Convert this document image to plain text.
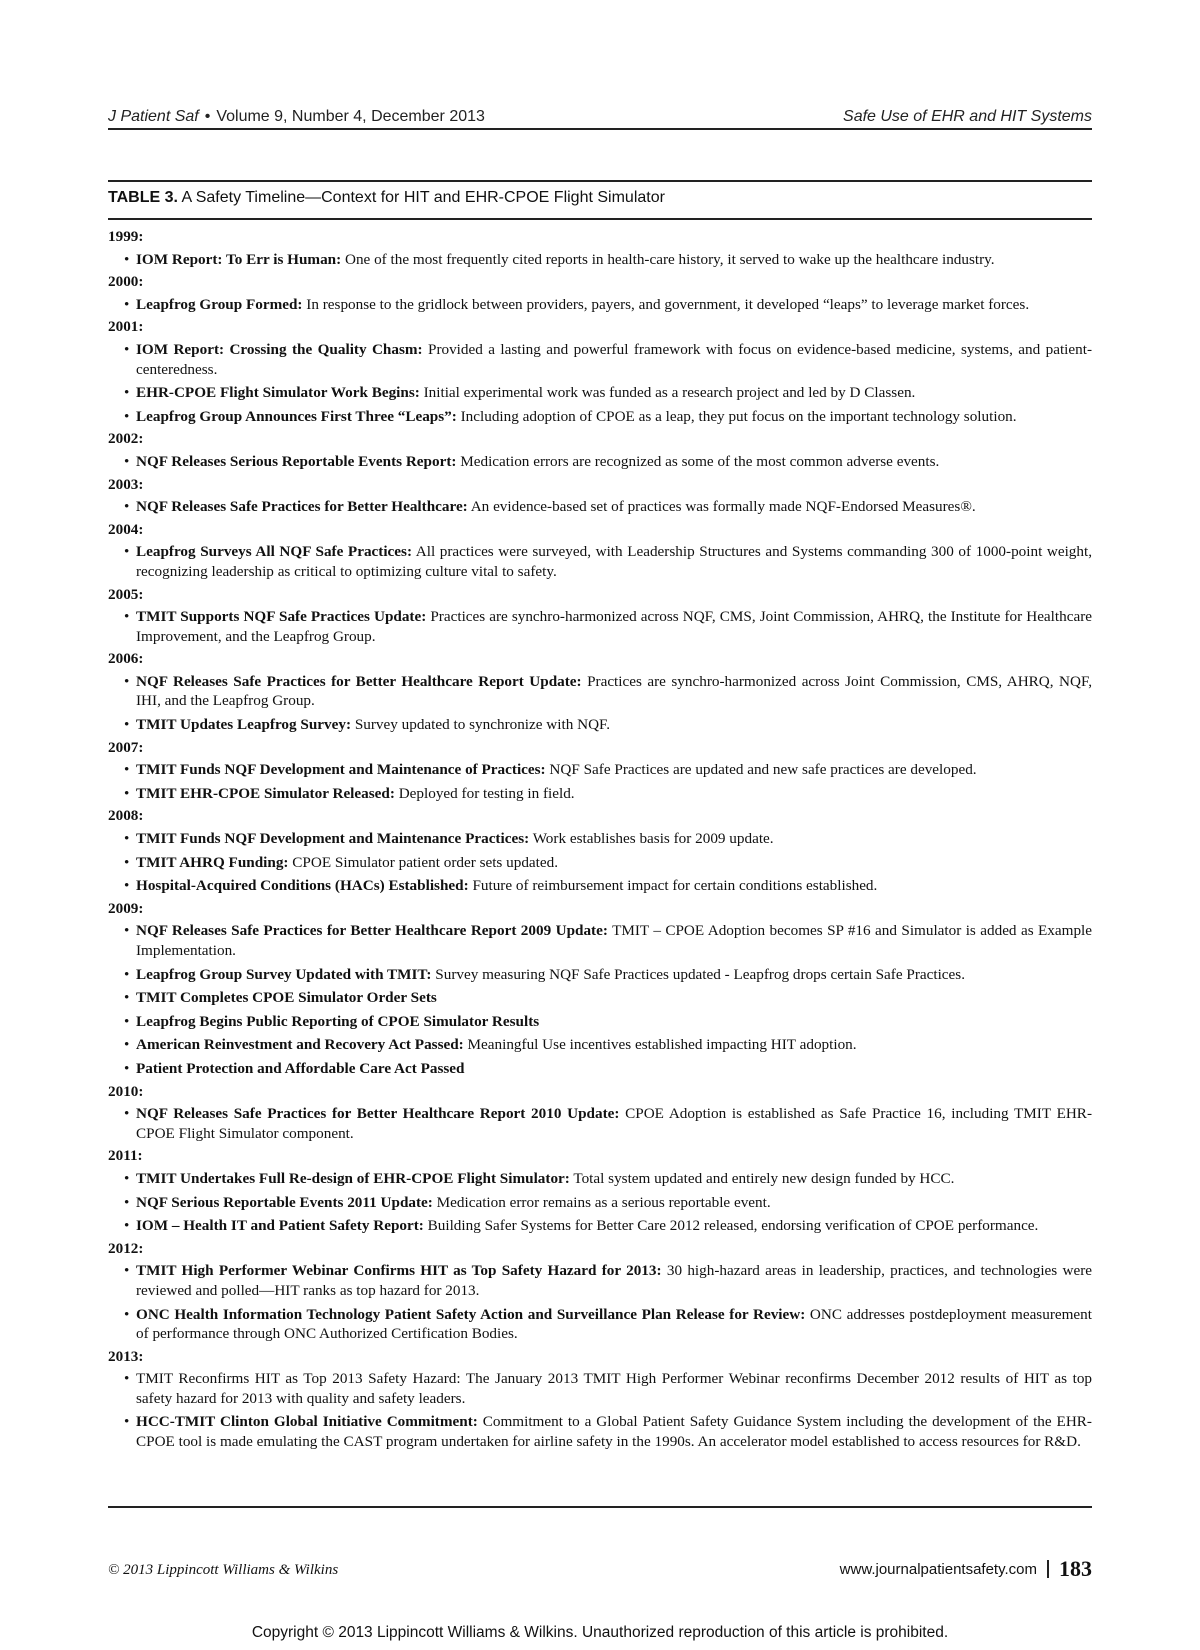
J Patient Saf • Volume 9, Number 4, December 2013	Safe Use of EHR and HIT Systems
TABLE 3. A Safety Timeline—Context for HIT and EHR-CPOE Flight Simulator
1999:
• IOM Report: To Err is Human: One of the most frequently cited reports in health-care history, it served to wake up the healthcare industry.
2000:
• Leapfrog Group Formed: In response to the gridlock between providers, payers, and government, it developed “leaps” to leverage market forces.
2001:
• IOM Report: Crossing the Quality Chasm: Provided a lasting and powerful framework with focus on evidence-based medicine, systems, and patient-centeredness.
• EHR-CPOE Flight Simulator Work Begins: Initial experimental work was funded as a research project and led by D Classen.
• Leapfrog Group Announces First Three “Leaps”: Including adoption of CPOE as a leap, they put focus on the important technology solution.
2002:
• NQF Releases Serious Reportable Events Report: Medication errors are recognized as some of the most common adverse events.
2003:
• NQF Releases Safe Practices for Better Healthcare: An evidence-based set of practices was formally made NQF-Endorsed Measures®.
2004:
• Leapfrog Surveys All NQF Safe Practices: All practices were surveyed, with Leadership Structures and Systems commanding 300 of 1000-point weight, recognizing leadership as critical to optimizing culture vital to safety.
2005:
• TMIT Supports NQF Safe Practices Update: Practices are synchro-harmonized across NQF, CMS, Joint Commission, AHRQ, the Institute for Healthcare Improvement, and the Leapfrog Group.
2006:
• NQF Releases Safe Practices for Better Healthcare Report Update: Practices are synchro-harmonized across Joint Commission, CMS, AHRQ, NQF, IHI, and the Leapfrog Group.
• TMIT Updates Leapfrog Survey: Survey updated to synchronize with NQF.
2007:
• TMIT Funds NQF Development and Maintenance of Practices: NQF Safe Practices are updated and new safe practices are developed.
• TMIT EHR-CPOE Simulator Released: Deployed for testing in field.
2008:
• TMIT Funds NQF Development and Maintenance Practices: Work establishes basis for 2009 update.
• TMIT AHRQ Funding: CPOE Simulator patient order sets updated.
• Hospital-Acquired Conditions (HACs) Established: Future of reimbursement impact for certain conditions established.
2009:
• NQF Releases Safe Practices for Better Healthcare Report 2009 Update: TMIT – CPOE Adoption becomes SP #16 and Simulator is added as Example Implementation.
• Leapfrog Group Survey Updated with TMIT: Survey measuring NQF Safe Practices updated - Leapfrog drops certain Safe Practices.
• TMIT Completes CPOE Simulator Order Sets
• Leapfrog Begins Public Reporting of CPOE Simulator Results
• American Reinvestment and Recovery Act Passed: Meaningful Use incentives established impacting HIT adoption.
• Patient Protection and Affordable Care Act Passed
2010:
• NQF Releases Safe Practices for Better Healthcare Report 2010 Update: CPOE Adoption is established as Safe Practice 16, including TMIT EHR-CPOE Flight Simulator component.
2011:
• TMIT Undertakes Full Re-design of EHR-CPOE Flight Simulator: Total system updated and entirely new design funded by HCC.
• NQF Serious Reportable Events 2011 Update: Medication error remains as a serious reportable event.
• IOM – Health IT and Patient Safety Report: Building Safer Systems for Better Care 2012 released, endorsing verification of CPOE performance.
2012:
• TMIT High Performer Webinar Confirms HIT as Top Safety Hazard for 2013: 30 high-hazard areas in leadership, practices, and technologies were reviewed and polled—HIT ranks as top hazard for 2013.
• ONC Health Information Technology Patient Safety Action and Surveillance Plan Release for Review: ONC addresses postdeployment measurement of performance through ONC Authorized Certification Bodies.
2013:
• TMIT Reconfirms HIT as Top 2013 Safety Hazard: The January 2013 TMIT High Performer Webinar reconfirms December 2012 results of HIT as top safety hazard for 2013 with quality and safety leaders.
• HCC-TMIT Clinton Global Initiative Commitment: Commitment to a Global Patient Safety Guidance System including the development of the EHR-CPOE tool is made emulating the CAST program undertaken for airline safety in the 1990s. An accelerator model established to access resources for R&D.
© 2013 Lippincott Williams & Wilkins	www.journalpatientsafety.com 183
Copyright © 2013 Lippincott Williams & Wilkins. Unauthorized reproduction of this article is prohibited.
